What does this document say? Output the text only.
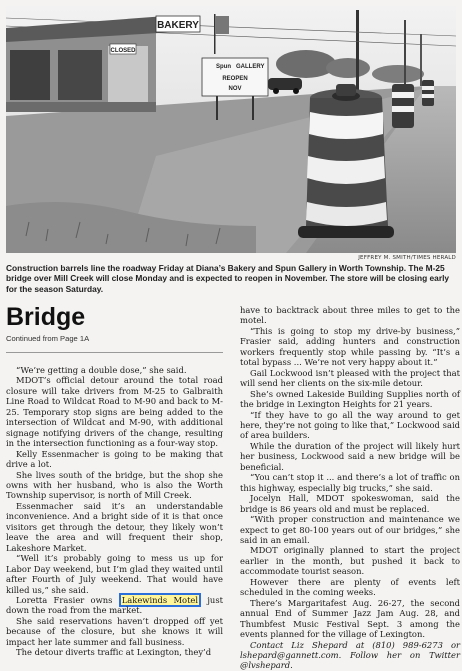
BAKERY
CLOSED
Spun GALLERY
REOPEN
NOV
JEFFREY M. SMITH/TIMES HERALD
Construction barrels line the roadway Friday at Diana’s Bakery and Spun Gallery in Worth Township. The M-25 bridge over Mill Creek will close Monday and is expected to reopen in November. The store will be closing early for the season Saturday.
Bridge
Continued from Page 1A

“We’re getting a double dose,” she said.

MDOT’s official detour around the total road closure will take drivers from M-25 to Galbraith Line Road to Wildcat Road to M-90 and back to M-25. Temporary stop signs are being added to the intersection of Wildcat and M-90, with additional signage notifying drivers of the change, resulting in the intersection functioning as a four-way stop.

Kelly Essenmacher is going to be making that drive a lot.

She lives south of the bridge, but the shop she owns with her husband, who is also the Worth Township supervisor, is north of Mill Creek.

Essenmacher said it’s an understandable inconvenience. And a bright side of it is that once visitors get through the detour, they likely won’t leave the area and will frequent their shop, Lakeshore Market.

“Well it’s probably going to mess us up for Labor Day weekend, but I’m glad they waited until after Fourth of July weekend. That would have killed us,” she said.

Loretta Frasier owns Lakewinds Motel just down the road from the market.

She said reservations haven’t dropped off yet because of the closure, but she knows it will impact her late summer and fall business.

The detour diverts traffic at Lexington, they’d

have to backtrack about three miles to get to the motel.

“This is going to stop my drive-by business,” Frasier said, adding hunters and construction workers frequently stop while passing by. “It’s a total bypass ... We’re not very happy about it.”

Gail Lockwood isn’t pleased with the project that will send her clients on the six-mile detour.

She’s owned Lakeside Building Supplies north of the bridge in Lexington Heights for 21 years.

“If they have to go all the way around to get here, they’re not going to like that,” Lockwood said of area builders.

While the duration of the project will likely hurt her business, Lockwood said a new bridge will be beneficial.

“You can’t stop it ... and there’s a lot of traffic on this highway, especially big trucks,” she said.

Jocelyn Hall, MDOT spokeswoman, said the bridge is 86 years old and must be replaced.

“With proper construction and maintenance we expect to get 80-100 years out of our bridges,” she said in an email.

MDOT originally planned to start the project earlier in the month, but pushed it back to accommodate tourist season.

However there are plenty of events left scheduled in the coming weeks.

There’s Margaritafest Aug. 26-27, the second annual End of Summer Jazz Jam Aug. 28, and Thumbfest Music Festival Sept. 3 among the events planned for the village of Lexington.

Contact Liz Shepard at (810) 989-6273 or lshepard@gannett.com. Follow her on Twitter @lvshepard.
